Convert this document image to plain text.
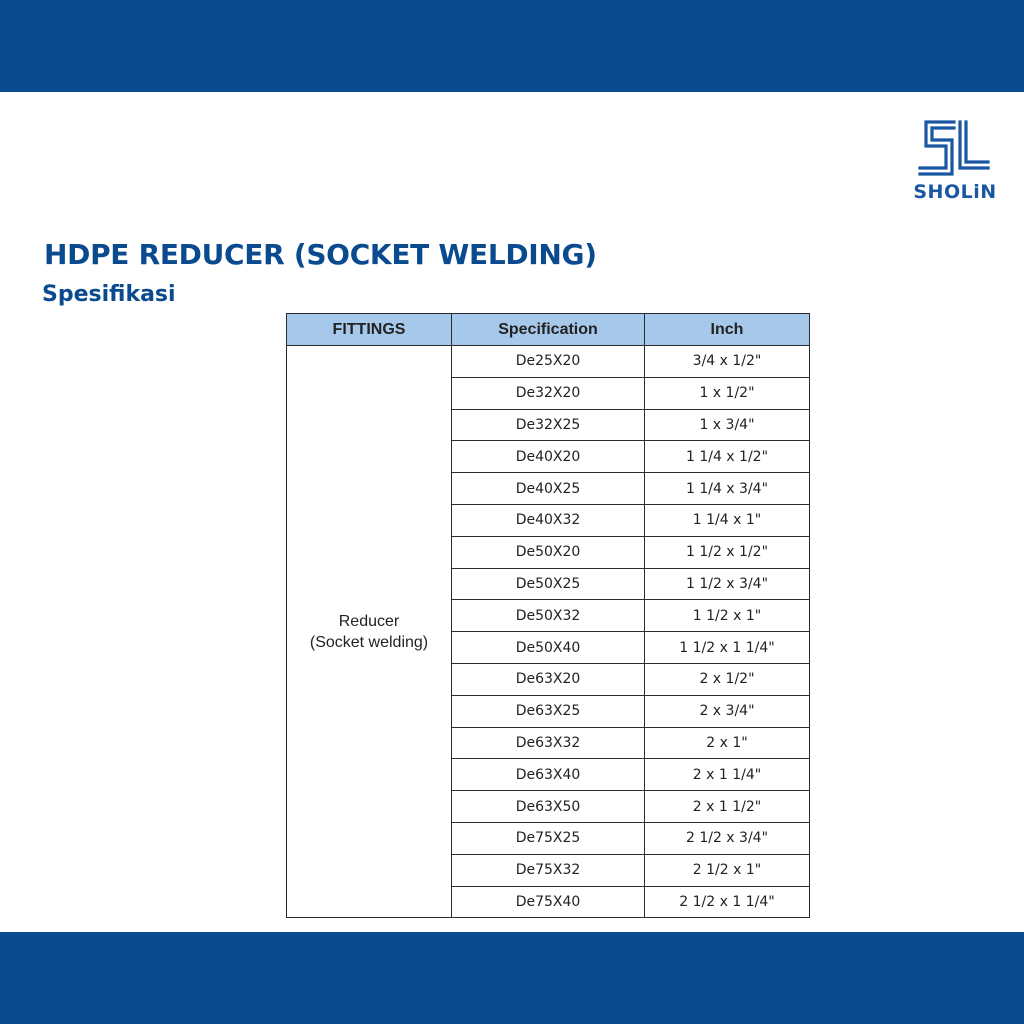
SHOLiN
HDPE REDUCER (SOCKET WELDING)
Spesifikasi
FITTINGS	Specification	Inch
Reducer
(Socket welding)	De25X20	3/4 x 1/2"
	De32X20	1 x 1/2"
	De32X25	1 x 3/4"
	De40X20	1 1/4 x 1/2"
	De40X25	1 1/4 x 3/4"
	De40X32	1 1/4 x 1"
	De50X20	1 1/2 x 1/2"
	De50X25	1 1/2 x 3/4"
	De50X32	1 1/2 x 1"
	De50X40	1 1/2 x 1 1/4"
	De63X20	2 x 1/2"
	De63X25	2 x 3/4"
	De63X32	2 x 1"
	De63X40	2 x 1 1/4"
	De63X50	2 x 1 1/2"
	De75X25	2 1/2 x 3/4"
	De75X32	2 1/2 x 1"
	De75X40	2 1/2 x 1 1/4"
